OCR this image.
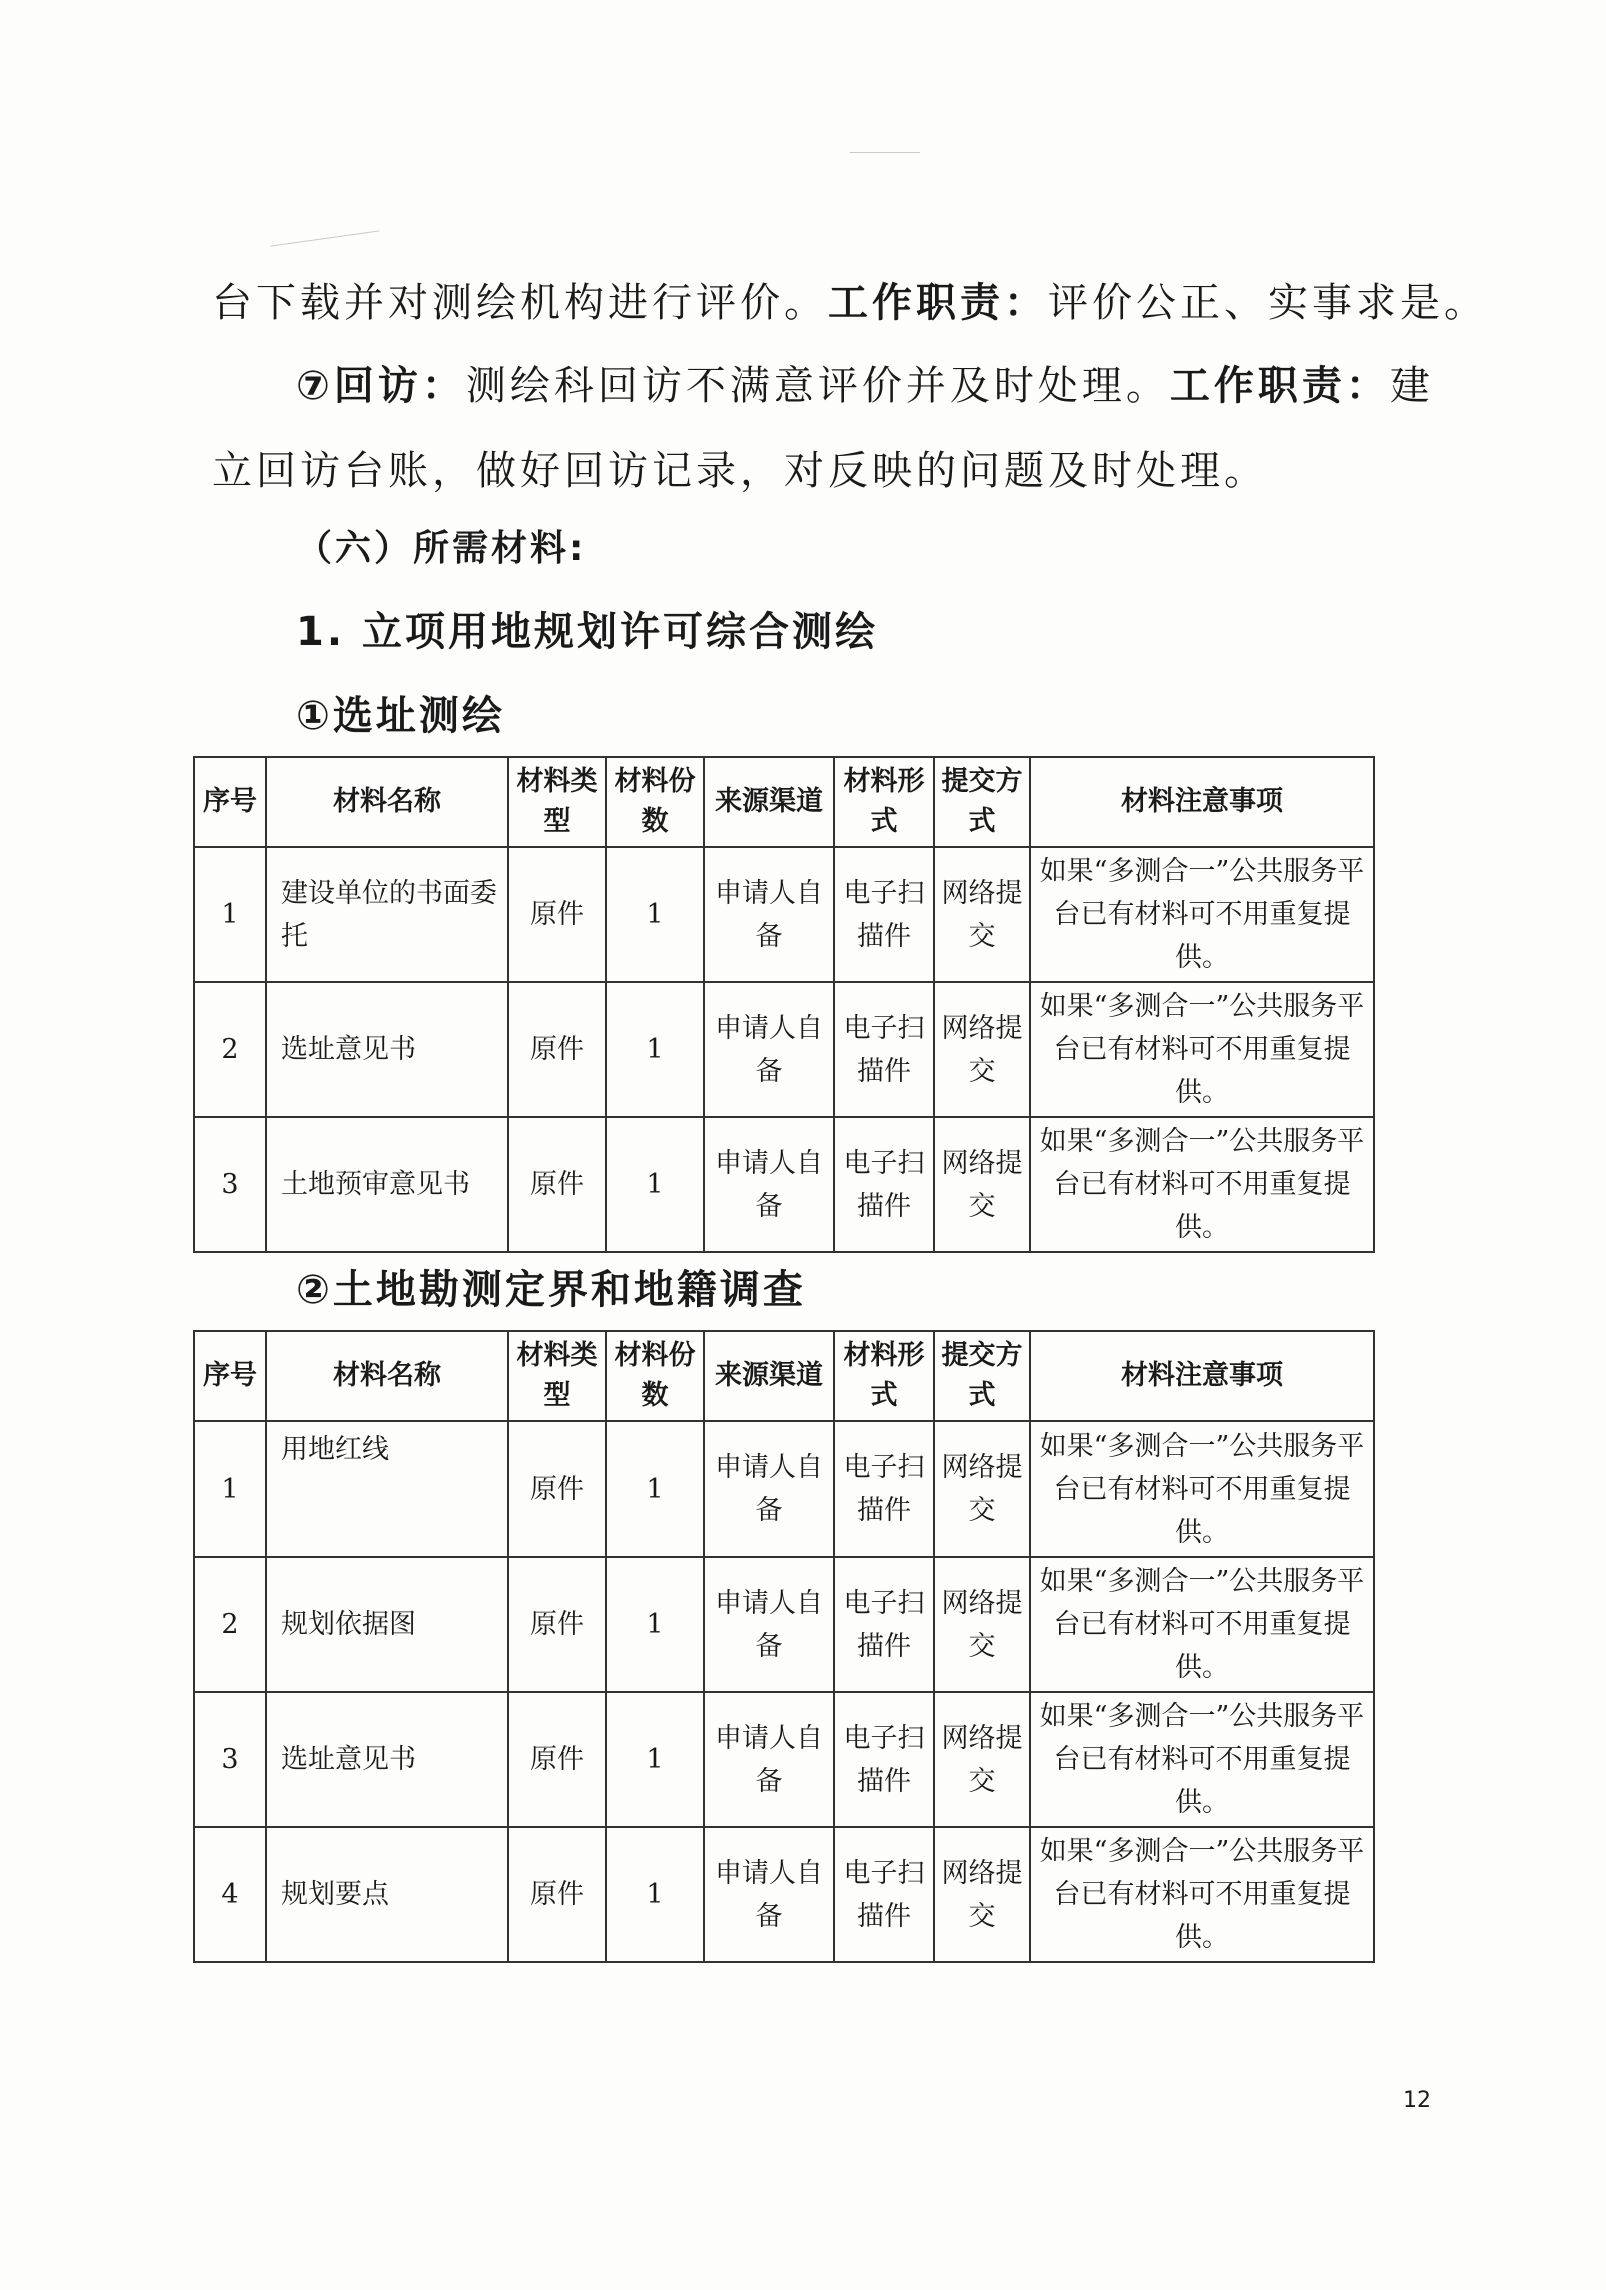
台下载并对测绘机构进行评价。工作职责：评价公正、实事求是。
⑦回访：测绘科回访不满意评价并及时处理。工作职责：建
立回访台账，做好回访记录，对反映的问题及时处理。
（六）所需材料:
1. 立项用地规划许可综合测绘
①选址测绘
序号	材料名称	材料类型	材料份数	来源渠道	材料形式	提交方式	材料注意事项
1	建设单位的书面委托	原件	1	申请人自备	电子扫描件	网络提交	如果“多测合一”公共服务平台已有材料可不用重复提供。
2	选址意见书	原件	1	申请人自备	电子扫描件	网络提交	如果“多测合一”公共服务平台已有材料可不用重复提供。
3	土地预审意见书	原件	1	申请人自备	电子扫描件	网络提交	如果“多测合一”公共服务平台已有材料可不用重复提供。
②土地勘测定界和地籍调查
序号	材料名称	材料类型	材料份数	来源渠道	材料形式	提交方式	材料注意事项
1	用地红线	原件	1	申请人自备	电子扫描件	网络提交	如果“多测合一”公共服务平台已有材料可不用重复提供。
2	规划依据图	原件	1	申请人自备	电子扫描件	网络提交	如果“多测合一”公共服务平台已有材料可不用重复提供。
3	选址意见书	原件	1	申请人自备	电子扫描件	网络提交	如果“多测合一”公共服务平台已有材料可不用重复提供。
4	规划要点	原件	1	申请人自备	电子扫描件	网络提交	如果“多测合一”公共服务平台已有材料可不用重复提供。
12
